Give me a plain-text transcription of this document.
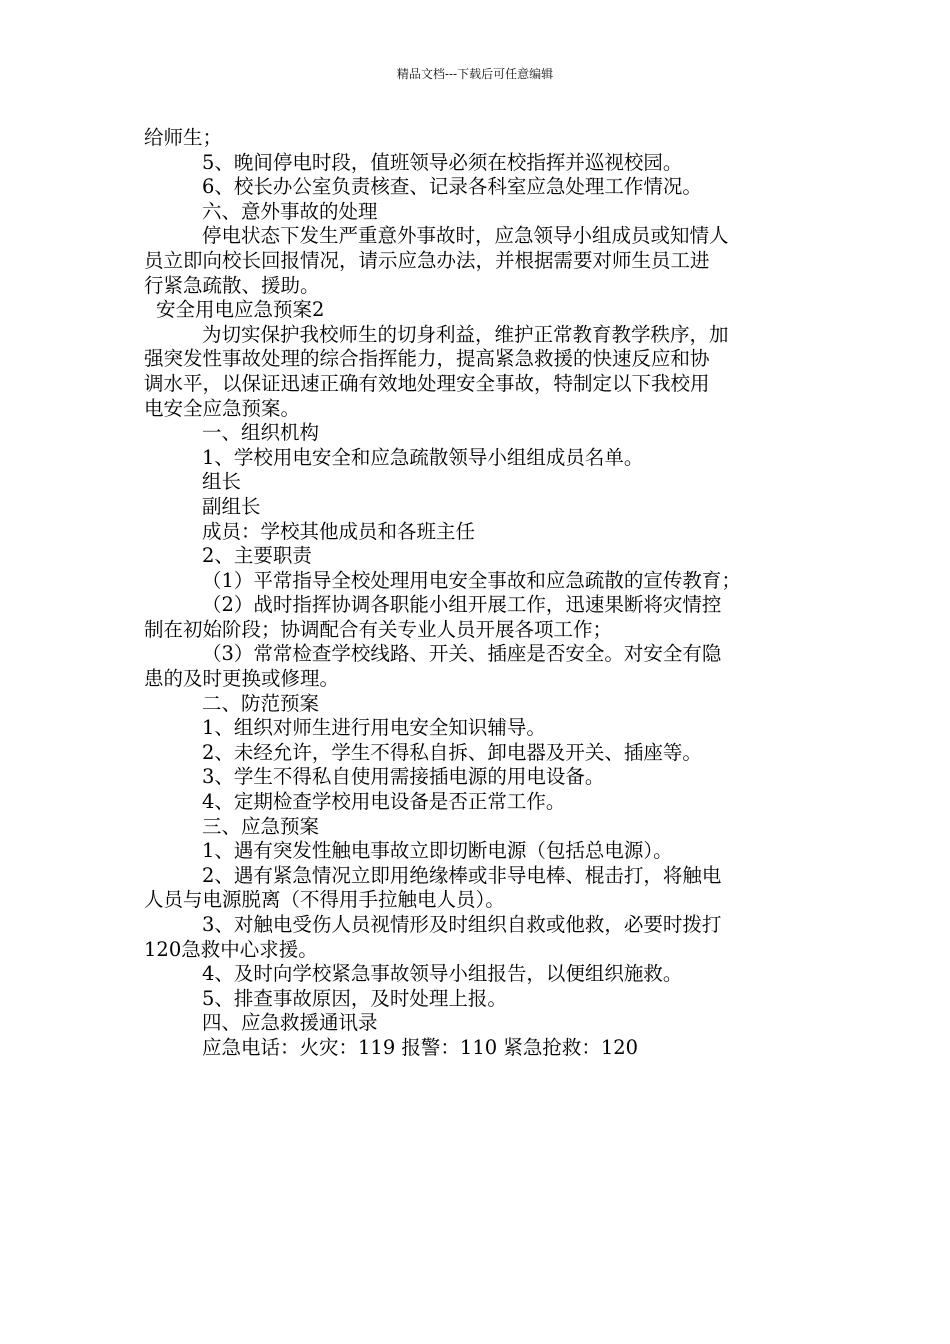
精品文档---下载后可任意编辑
给师生；
5、晚间停电时段，值班领导必须在校指挥并巡视校园。
6、校长办公室负责核查、记录各科室应急处理工作情况。
六、意外事故的处理
停电状态下发生严重意外事故时，应急领导小组成员或知情人
员立即向校长回报情况，请示应急办法，并根据需要对师生员工进
行紧急疏散、援助。
安全用电应急预案2
为切实保护我校师生的切身利益，维护正常教育教学秩序，加
强突发性事故处理的综合指挥能力，提高紧急救援的快速反应和协
调水平，以保证迅速正确有效地处理安全事故，特制定以下我校用
电安全应急预案。
一、组织机构
1、学校用电安全和应急疏散领导小组组成员名单。
组长
副组长
成员：学校其他成员和各班主任
2、主要职责
（1）平常指导全校处理用电安全事故和应急疏散的宣传教育；
（2）战时指挥协调各职能小组开展工作，迅速果断将灾情控
制在初始阶段；协调配合有关专业人员开展各项工作；
（3）常常检查学校线路、开关、插座是否安全。对安全有隐
患的及时更换或修理。
二、防范预案
1、组织对师生进行用电安全知识辅导。
2、未经允许，学生不得私自拆、卸电器及开关、插座等。
3、学生不得私自使用需接插电源的用电设备。
4、定期检查学校用电设备是否正常工作。
三、应急预案
1、遇有突发性触电事故立即切断电源（包括总电源）。
2、遇有紧急情况立即用绝缘棒或非导电棒、棍击打，将触电
人员与电源脱离（不得用手拉触电人员）。
3、对触电受伤人员视情形及时组织自救或他救，必要时拨打
120急救中心求援。
4、及时向学校紧急事故领导小组报告，以便组织施救。
5、排查事故原因，及时处理上报。
四、应急救援通讯录
应急电话：火灾：119 报警：110 紧急抢救：120
